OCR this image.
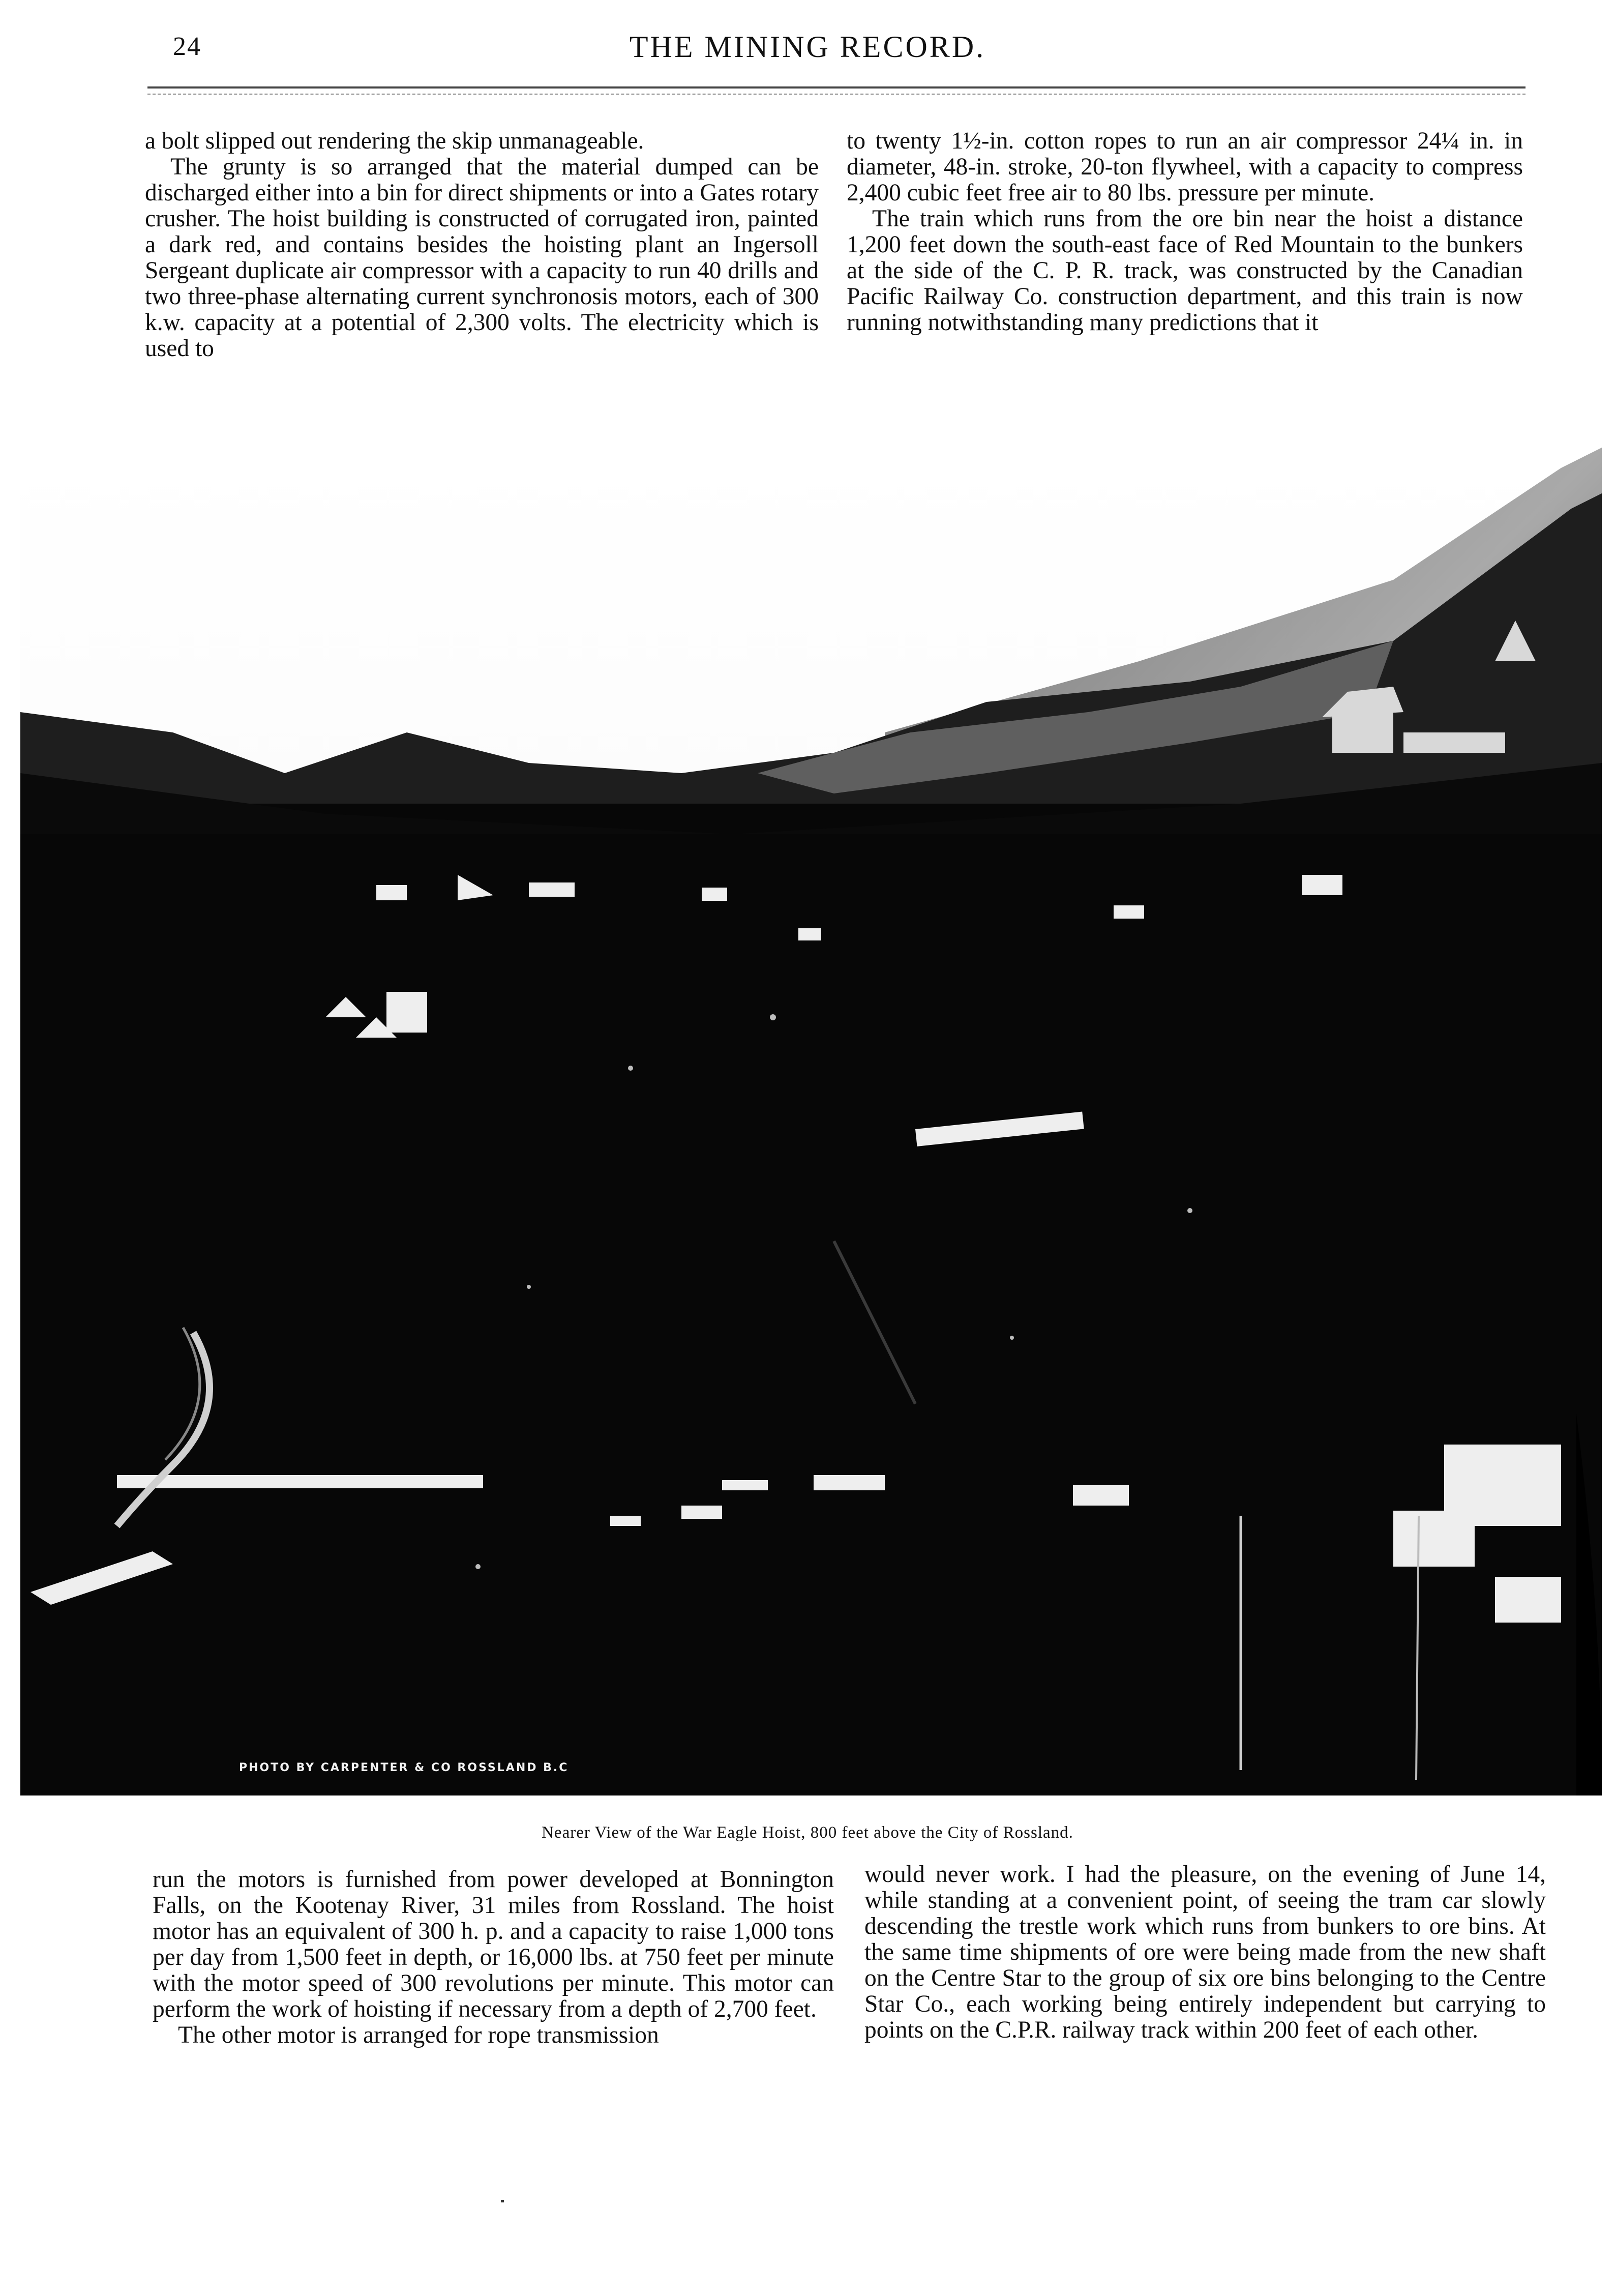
24	THE MINING RECORD.

a bolt slipped out rendering the skip unmanageable.

The grunty is so arranged that the material dumped can be discharged either into a bin for direct shipments or into a Gates rotary crusher. The hoist building is constructed of corrugated iron, painted a dark red, and contains besides the hoisting plant an Ingersoll Sergeant duplicate air compressor with a capacity to run 40 drills and two three-phase alternating current synchronosis motors, each of 300 k.w. capacity at a potential of 2,300 volts. The electricity which is used to

to twenty 1½-in. cotton ropes to run an air compressor 24¼ in. in diameter, 48-in. stroke, 20-ton flywheel, with a capacity to compress 2,400 cubic feet free air to 80 lbs. pressure per minute.

The train which runs from the ore bin near the hoist a distance 1,200 feet down the south-east face of Red Mountain to the bunkers at the side of the C. P. R. track, was constructed by the Canadian Pacific Railway Co. construction department, and this train is now running notwithstanding many predictions that it

PHOTO BY CARPENTER & CO ROSSLAND B.C
Nearer View of the War Eagle Hoist, 800 feet above the City of Rossland.

run the motors is furnished from power developed at Bonnington Falls, on the Kootenay River, 31 miles from Rossland. The hoist motor has an equivalent of 300 h. p. and a capacity to raise 1,000 tons per day from 1,500 feet in depth, or 16,000 lbs. at 750 feet per minute with the motor speed of 300 revolutions per minute. This motor can perform the work of hoisting if necessary from a depth of 2,700 feet.

The other motor is arranged for rope transmission

would never work. I had the pleasure, on the evening of June 14, while standing at a convenient point, of seeing the tram car slowly descending the trestle work which runs from bunkers to ore bins. At the same time shipments of ore were being made from the new shaft on the Centre Star to the group of six ore bins belonging to the Centre Star Co., each working being entirely independent but carrying to points on the C.P.R. railway track within 200 feet of each other.
